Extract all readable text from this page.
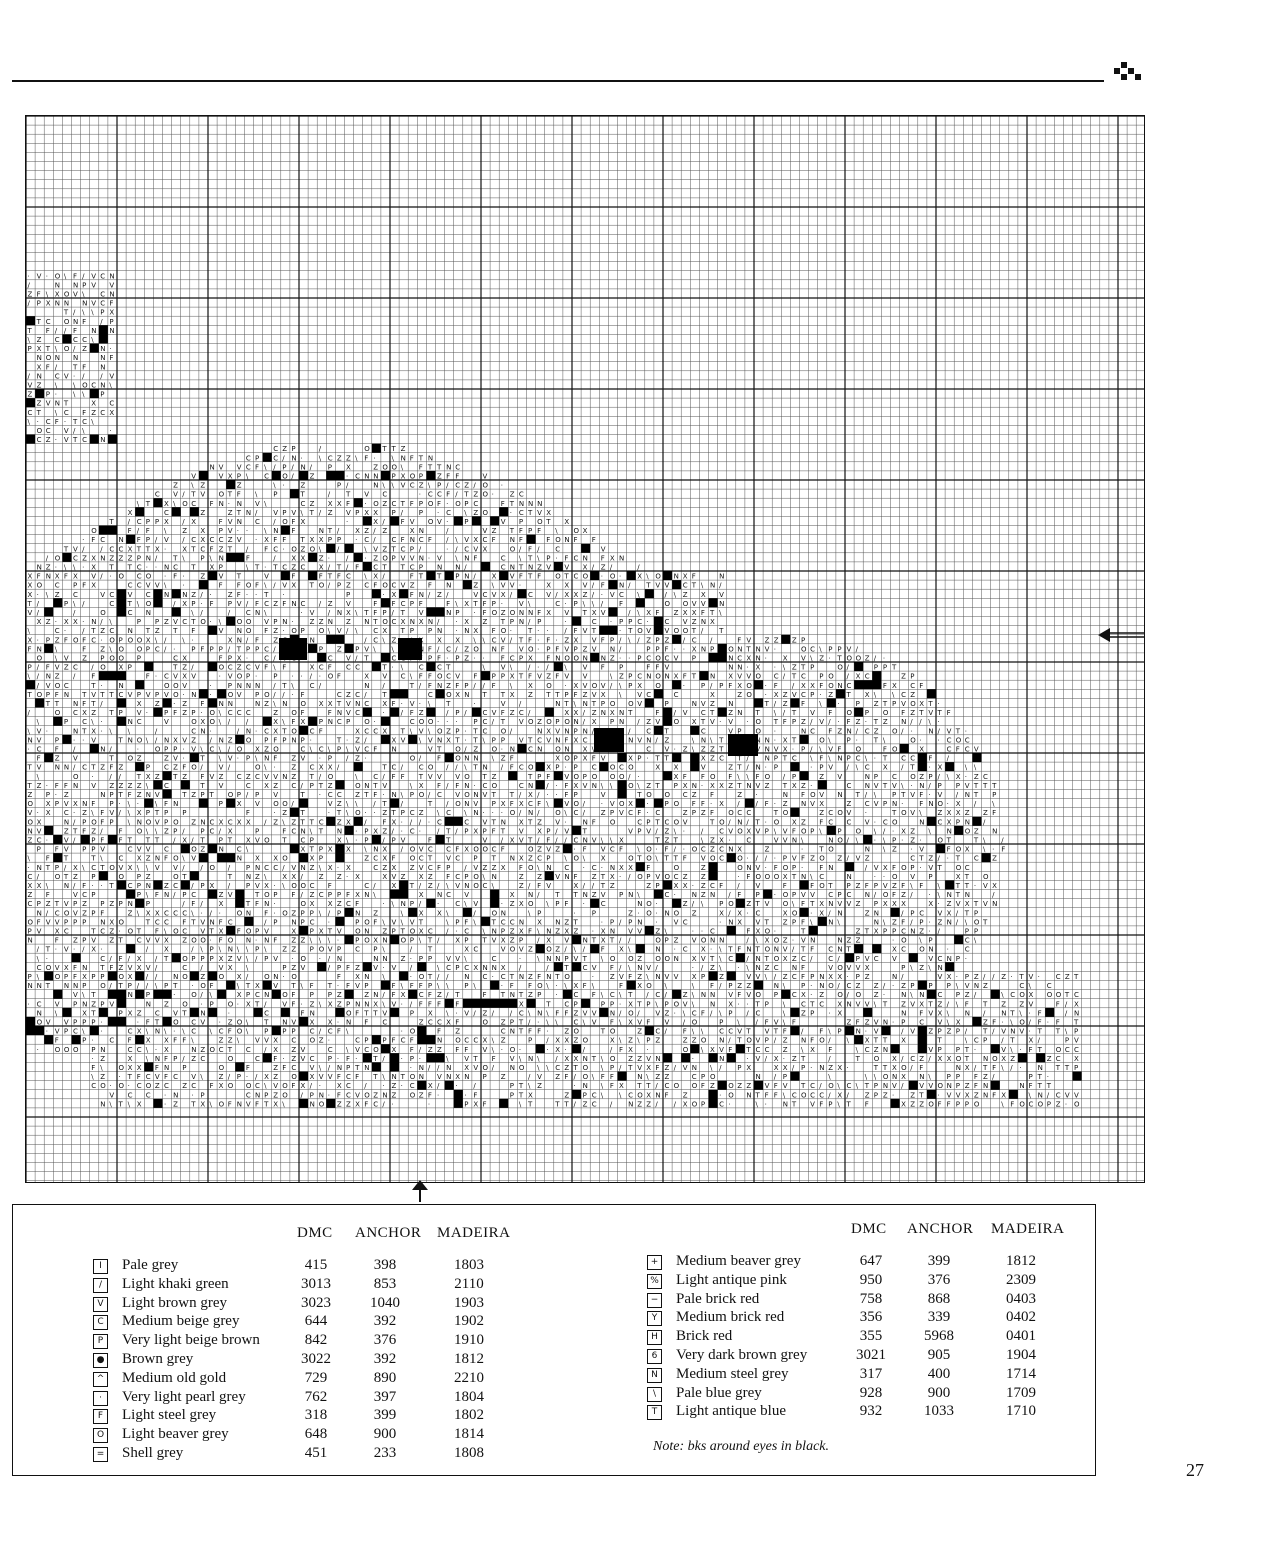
· V · O \ F / V C N
/	N N P V V
Z F \ X O V \ C N
/ P X N N N V C F
T / \ \ P X
T C O N F / P
T F / / F N N
\ Z C C C \
P X T \ O / Z N ·
N O N N	N F
X F / T F N
/ N C V · / / V
V Z \ \ O C N \
Z P · \ \ P
Z V N T	X C
C T \ C F Z C X
\ · C F · T C \
O C V / \	·
C Z · V T C N
C Z P	/	O T T Z
C P C / N · \ C Z Z \ F · \ N F T N
N V V C F \ / P / N / P X	Z O O \ F T T N C
V	V X P \ C O / Z	· C N N P X O P Z F F	V
Z \ Z	Z	\ · Z	P /	N \ \ V C Z \ P / C Z / O ·
C V / T V O T F \ P	T	/ T V C	· C C F / T Z O · Z C
\ T X \ O C F N · N V \	C Z X X F · O Z C T F P O F · O P C	F T N N N
X	C	Z	Z T N / V P V \ T / Z V P X X P / P · C \ Z O	· C T V X
T / C P P X / X	F V N C / O F X	·	X / F V O V · P	V P O T X
O	F / F \ Z X P V · · \ N F	N T / X Z / Z	X N	/	V Z T F P F \ O X
· F C N F P / V / C X C C Z V · X F F T X X P P · C / C F N C F / \ V X C F N F	F O N F F
T V / / C C X T T X · X T C F Z T / F C · O Z O \ /	\ V Z T C P /	· / C V X	O / F / C	V
/ O C Z X N Z Z Z P N / T \ P \ N	F	/ X X Z · / · Z O P V V N · V \ N F	C \ T \ P · F C N F X N
N Z · \ \ · X T T C · · N C T X P	\ T · T C Z C X / T / F C T T C P N N /	C N T N Z V V X / Z /	/
X F N X F X V / · O C O · F · Z V T	V	F	F T F C \ X /	F T T P N / X V F T F O T C O · O · X \ O N X F	N
X O C P F X	C C V V \ ·	F F O F \ / V X T O / P Z C F O C V Z F N	Z \ V V ·	X X V / F N / T V V C T \ N /
X · \ Z C	V C V C N N Z / · Z F · · T ·	P	· X F N / Z /	V C V X / C V / X X Z / · V C \	/ \ Z X V
T /	P \ /	C T \ O	/ X P · F P V / F C Z F N C / Z V	F F C P F	F \ X T F P · V \	C · P \ \ / F	O O V V N
V /	/	O	C N	\ /	/ C N \	· V / N X \ T F P / T V	N P · F O Z O N N F X V T X V	/ \ X F Z X X F T \
X Z · X X · N / \	P P Z V C T O · \ O O V P N · Z Z N Z N T O C X N X N / · X Z T P N / P	·	C · P P C · C V Z N X
\	C · / T Z C N T Z T F	V N O F Z · O P O \ V / \ C X T P P N · N X F O · T · · / F V T	· T O V V O O T / T
X · P Z F O F C · O P O O X \ / \ ·	X N / F Z	N	/ C \ Z	X X \ \ C V / T F · F · Z X V F P / \ / Z P Z / C /	F V Z Z Z P
F N \	F Z \ O O P C / · P F P P / T P P C /	P Z P V \ \	F / C / Z O N F V O · P F V P Z V N /	P P F · · X N P O N T N V ·	O C \ P P V /
O \ V Z P O O P	C X	F P X · C /	C V / T	C	P F · P Z · · F C P X F N O O N N Z · · P C O C V P	N C X N · X V \ Z · T O O Z / ·
P / F V Z C / O X P	T Z /	O C Z C V F \ F	X C F C C	T · \ C C T	\ V \ / · / \ V F P	F F V	N N · X · \ Z T P	O /	P P T
\ / N Z / F	F · C V X V	· V O P · P · · / · O F	X V C \ F F O C V F P P X T F V Z F V V	\ Z P C N O N X F T N X V V O C / T C P O / X C	Z P
/ V O C	T · N	O O V	· P N N N / T \ C /	N /	T / F N Z F P / / F \ X O · X V O V / \ P X O	· P / P F X O · F / X X F O N C	F X C F
T O P F N T V T T C V P V P V O · N · O V P O / / · F	C Z C / T	C O X N T T X Z T T P F Z V X \ V C	C	X	Z O · X Z V C P · Z T X \ \ C Z
T T N F T /	X Z · Z F N N	N Z \ N O X X T V N C X F · V · \ T	·	V /	N T \ N T P O O V	P	N V Z N	T / Z F \ · P Z T P V O X T ·
/	O C X Z T P V · P F Z P · O \ C C C	Z O F	F N V C	· / F Z	/ P / C V F Z C /	X X / Z N X N T	F / V C T Z N T \ / T V F O P O F Z T V T F
\	P C \ ·	N C	V	O X O \ / /	X \ F X P N C P O ·	C O O · · · P C / T V O Z O P O N / X P N / Z V O X T V · V · O T F P Z / V / · F Z · T Z N / / \ ·
\ V ·	N T X · \ \	/	C N ·	/ N · C X T O C F	X C C X T \ V \ O Z P · T C O /	N X V N P N /	/ C T	C	V P O ·	N C F Z N / C Z O / · N / V T ·
N V P · · V	T N O \ / N X V Z / N Z O P F P N P ·	T · Z /	X V \ V N X T · T \ P P V T C V N F X C	N V N / Z	\ N \ T	N N · X T	O \ P · T \	O · · C O C
· C F /	N /	· O P P · V \ C \ / O X Z O	C \ C \ P \ V C F N	V T O / Z O · N C N O N X \	C V · Z \ Z Z T	N V X · P / \ V F O	F O	X	C F C V
F Z V	T O Z	Z V · T \ V · P \ N F Z V · P / Z ·	O / F O N N \ Z F	X O P X F V	X P · T T	X Z C T / N P T C \ F \ N P C \ · T C C F /
T V N N / C T Z F Z	P C Z F O / V /	O \ · Z C X X /	T C / C O / / \ T N / F C O X P · P C O C O	X X	V	Z T / N · P	· P V / \ C X / T · X	\ \
\	O · / / T X Z T Z F V Z C Z C V V N Z T / O	\ C / F F T V V V O T Z	T P F V O P O O O / ·	X F F O F \ \ F O / P	Z V	N P C O Z P / \ X · Z C
T Z · F F N V Z Z Z Z \ C	T V	C X Z C / P T Z	O N T V	\ X F / F N · C O	C N / · F X V N \ \ O \ Z T P X N · X X Z T N V Z T X Z ·	C N V T V \ · N / P P V T T T
Z P · Z	N P T F Z N V	T Z P T O P / P V	T · C C Z T F · N \ P O / C V O N V T T / X / · · F P	V	T O O C Z F	Z ·	N F O V N T / \ P T V F · V / N T P
O X P V X N F P · \ · \ F N	P X V O O /	V Z \ \ / T /	T / O N V P X F X C F \ V O / · V O X · P O F F · X / / F · Z N V X	Z C V P N · F N O · X / \
V · X C · Z \ F V / \ X P T P P	F	· Z T	· T \ O · · Z T P C Z \ C \ N · · · O / N / O \ C / Z P V C F · C	Z P Z F O C C	T O	Z C O V ·	T O V \ Z X X Z Z F
O X	N / P O F P \ N O V P O Z N C X C X X / Z \ Z T T C Z X / F X · / / · C	C V T N X T Z V · N F O	C P T C O V	T O / N / T · O X Z F C C V · C O	N C X P N /
N V	Z T F Z / F O \ \ Z P / P C / X	P	F C N \ T N · P X Z / · C · / T / P X P F T V X P / V T	V P V / Z \ · / C V O X V P \ V F O P \ P O \ / · X Z \ N O Z N
Z C · V / P F F T T T / X / T P T X V O T C P	X \ · P / P V	F T	V / X V T / F / / C N V \ \ X	T Z T	\ Z X · C	V V N \	N O / \ · \ P · Z · O T	T \ /
P F V P P V	C V V C	O Z N C \	X T P X X \ N X / O V C C F X O O C F	O Z V Z · F V C F \ O · F / · O C Z C N X	Z	· T O	N \ Z · V	F O X \ · F
\ F T	T \ C X Z N F O \ V	N X X O	X P	Z C X F O C T V C P T N X Z C P \ O \ X	O T O \ T T F V O C O · / / · P V F Z O Z / V Z	C T Z / · T C Z
· N T P / X \ C T O V X \ \ V V / / O / P N C C / V N Z \ X · X	C Z X Z V C F P / V Z Z X F O \ N C · C · N X X F	O	Z	O N V · F O P · F N	/ V X F O P · V T O C
C / O T Z P	O P Z	O T	T N Z \ X X / Z Z · X	X V Z X Z F C P O \ N	Z Z V N F Z T X · / O P V O C Z Z	· F O O O X T N \ C	N	· · O V P	X T O
X X \ N / F · · T C P N Z C / P X / P V X · \ O O C F	C / X T / Z / \ V N O C \	Z / F V	X / / T Z	Z P X X · Z C F / V	F	F O T P Z F P V Z F \ F \ T T · V X
Z F	V C P	P \ F N / P C	Z V	T O P F / Z C P P F X N \	X N C V	X N / T T N Z V P N \	C · N Z N / F P · O P V V C P C N / O F Z / · \ N T N	/
C P Z T V P Z P Z P N P	/ F / X	T F N ·	O X X Z C F	· \ N P / · C \ V	· Z X O \ P F · C	N O ·	Z / \ P O Z T V O \ F T X N V V Z P X X X	X · Z V X T V N
N / C O V Z P F	Z \ X X C C C \ · / · O N F · O Z P P \ / P N Z	\ X X \	/ O N	\ P	· P	Z · O · N O Z	X / X · C	X O · X / N	Z N	/ P C V X / T P
O F V V P P P N X O	T C C F T V N F C	/ P N P C ·	P O F \ V \ V T	\ P F \ T C C N X N Z T	· P / P N · V C	· N X V T Z P F \ N \	N \ Z F / P · Z N / \ O T
P V X C	T C Z · O T F \ O C V T X F O P V	X P X T V O N Z P T O X C / · C \ N P Z X F \ N Z X Z · X N V V Z \	· · C	F X O ·	T	Z T X P P C N Z · /	P P
N	F Z P V Z T C V V X Z O O · F O N · N F Z Z \ \ \ · P O X N O P \ T / X P T V X Z P / X V N T X T / /	O P Z V O N N	/ \ X O Z · V N	N Z Z	· O \ P	C \
/ T · V · / X ·	/ X	/ \ P \ N \ \ P \ Z Z P O V P C P \	/ T	X C	V O V Z O Z / \ / F X \	N · C X · \ T F N T O N V / T F C N T	X C O N · C
\ ·	C / F / X / T O P P P X Z V \ / P V · O · / N	N N Z · P P V V \	C	· \ N N P V T \ O O Z O O N X V T \ C / N T O X Z C / C / P V C V	V C N P ·
C O V X F N T F Z V X V /	C / V X \	P Z V	/ P F Z V · V /	\ C P C X N N X /	/ T C V F / \ N V /	· / Z \ · \ N Z C N F	V O V V X	P \ Z \ N
P \ O P F X P P O X / / N O Z O X / O N · O	F X N \	· O T / / N C · C T N Z F N T O	· Z V F Z \ N V V X P Z	V V \ / Z C F P N X X · P Z	N /	V X · P Z / / Z · T V · C Z T
N N T N N P O / T P / / \ P T · O F	\ T X V T \ F T · F V P	F \ F F P \ \ P \	· F F O \ · \ X F \	F X O \	\ F / P Z Z	N \ P · N O / C Z Z / · Z P P P \ V N Z	C \ C
V \ T	N P	· O / \	X P C N O F P P Z	Z N / F X C F Z / T	F T N T Z P · C F \ C \ T / C / Z \ N N V F V O P C X · Z O / O Z · N \ N C P Z /	\ C O X O O T C
· C V P N Z P V	N Z O · P O · X T / V F · Z \ X Z P N N X \ V · / F F F F	X	T C P	P P · X T P \ P O V \ N X · · T P \ C T C X N V V \ T Z V X T Z / \ F T Z Z V	F / X
N \	X T	P X Z C V T N	·	C	F N	O F T T V	P X \ · V / Z / / C \ N \ F F Z V V N / O / V Z · \ C F / \ P / C	\ Z P · X	N F V X \ N / N T \ · F	/ N
O V V P P P ·	· F T O C V · Z O \ T N V X X · N F C	Z C C X F	O Z P T / · \ \ C \ V F \ X V F V / O	P \ / F V \ F	Z F Z V N · P C V \ X	Z F · \ O / F · F T
· V P C \ ·	C X \ N \ · \ C \ C F O \ P P P C / C F \	· O	F Z	C N T F F · Z O	T O	Z C / F \ \ C C V T V T F / F \ P N · V	/ V Z P Z P / T / V N V · T T \ P
F	P · C F X X F F \	Z Z \ V V X C O Z ·	C P P F C F	N O C C X \ Z	P / X X Z O	X \ Z \ P Z	Z Z O N / T O V P / Z N F O / \ X T T X	T	\ C P / T X /	P V
· O O O P N	C C \ · X	N Z O C T C / X Z V	C \ V C O X F / Z Z F F V \ · O ·	· X · /	/ F X ·	O \ X V F T C C Z \ X F	\ C Z N	V P P T ·	V \ · F T O C C
· Z	X \ N F P / Z C	O	C F · Z V C P · F · T / · P ·	\ V T F V \ N \ / X X N T \ O Z Z V N	·	N	· V / X · Z T	/	T O X / C Z / X X O T N O X Z	Z C X
F \ O X X F N P	O	F	Z F C V \ / N P T N	· N / / N X V O / N O \ \ C Z T O \ P / T V X F Z / V N \ / P X	X X / P · N Z X ·	T T X O / F	N X / T F \ / · N T T P
\ Z · T F C V F C V \ Z / P · / X Z O X V V F C F T \ N T O N V N X N P Z	/ V Z F / O \ F F	N \ Z Z	C P O	N / P	\	\ \ O N X N \ P P F Z /	P T ·
C O · O · C O Z C Z C F X O O C \ V O F X / · X C / · Z · C X / · /	P T \ Z	· N \ F X T T / C O O F Z O Z Z V F V T C / O \ C \ T P N V / V V O N P Z F N	N F T T
V C C · N · P	C N P Z O / P N · F C V O Z N Z O Z F ·	· F	P T X	Z P C \ \ C O X N F Z	· O N T F F \ C O C C / X / Z P Z · Z T · V V X Z N F X	\ N / C V V
N \ T \ X	· Z T X \ O F N V F T X \	N O Z Z X F C / ·	·	P X F	\ T	T T / Z C / N Z Z / / X O P C ·	\ · N T V F P \ T F	X Z Z O F F P P O	\ F O C O P Z · O
DMC ANCHOR MADEIRA	DMC ANCHOR MADEIRA
I	Pale grey	415	398	1803
/	Light khaki green	3013	853	2110
V Light brown grey	3023	1040	1903
C Medium beige grey	644	392	1902
P	Very light beige brown	842	376	1910
● Brown grey	3022	392	1812
^ Medium old gold	729	890	2210
·	Very light pearl grey	762	397	1804
F	Light steel grey	318	399	1802
O Light beaver grey	648	900	1814
= Shell grey	451	233	1808
+ Medium beaver grey	647	399	1812
% Light antique pink	950	376	2309
− Pale brick red	758	868	0403
Y	Medium brick red	356	339	0402
H Brick red	355	5968	0401
6	Very dark brown grey	3021	905	1904
N Medium steel grey	317	400	1714
\	Pale blue grey	928	900	1709
T	Light antique blue	932	1033	1710
Note: bks around eyes in black.
27
